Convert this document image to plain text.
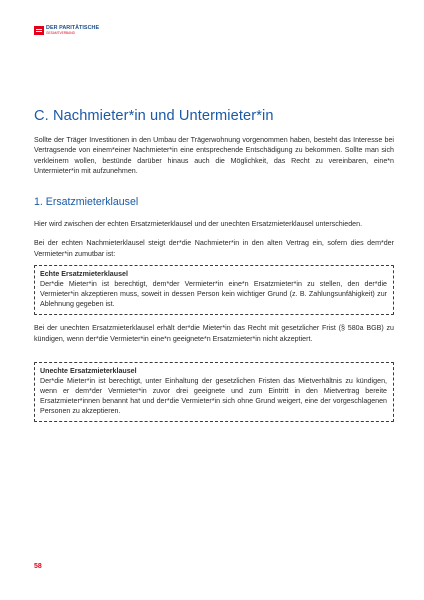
DER PARITÄTISCHE
GESAMTVERBAND
C. Nachmieter*in und Untermieter*in

Sollte der Träger Investitionen in den Umbau der Trägerwohnung vorgenommen haben, besteht das Interesse bei Vertragsende von einem*einer Nachmieter*in eine entsprechende Entschädigung zu bekommen. Sollte man sich verkleinern wollen, bestünde darüber hinaus auch die Möglichkeit, das Recht zu vereinbaren, eine*n Untermieter*in mit aufzunehmen.

1. Ersatzmieterklausel

Hier wird zwischen der echten Ersatzmieterklausel und der unechten Ersatzmieterklausel unterschieden.

Bei der echten Nachmieterklausel steigt der*die Nachmieter*in in den alten Vertrag ein, sofern dies dem*der Vermieter*in zumutbar ist:

Echte Ersatzmieterklausel

Der*die Mieter*in ist berechtigt, dem*der Vermieter*in eine*n Ersatzmieter*in zu stellen, den der*die Vermieter*in akzeptieren muss, soweit in dessen Person kein wichtiger Grund (z. B. Zahlungsunfähigkeit) zur Ablehnung gegeben ist.

Bei der unechten Ersatzmieterklausel erhält der*die Mieter*in das Recht mit gesetzlicher Frist (§ 580a BGB) zu kündigen, wenn der*die Vermieter*in eine*n geeignete*n Ersatzmieter*in nicht akzeptiert.

Unechte Ersatzmieterklausel

Der*die Mieter*in ist berechtigt, unter Einhaltung der gesetzlichen Fristen das Mietverhältnis zu kündigen, wenn er dem*der Vermieter*in zuvor drei geeignete und zum Eintritt in den Mietvertrag bereite Ersatzmieter*innen benannt hat und der*die Vermieter*in sich ohne Grund weigert, eine der vorgeschlagenen Personen zu akzeptieren.

58
